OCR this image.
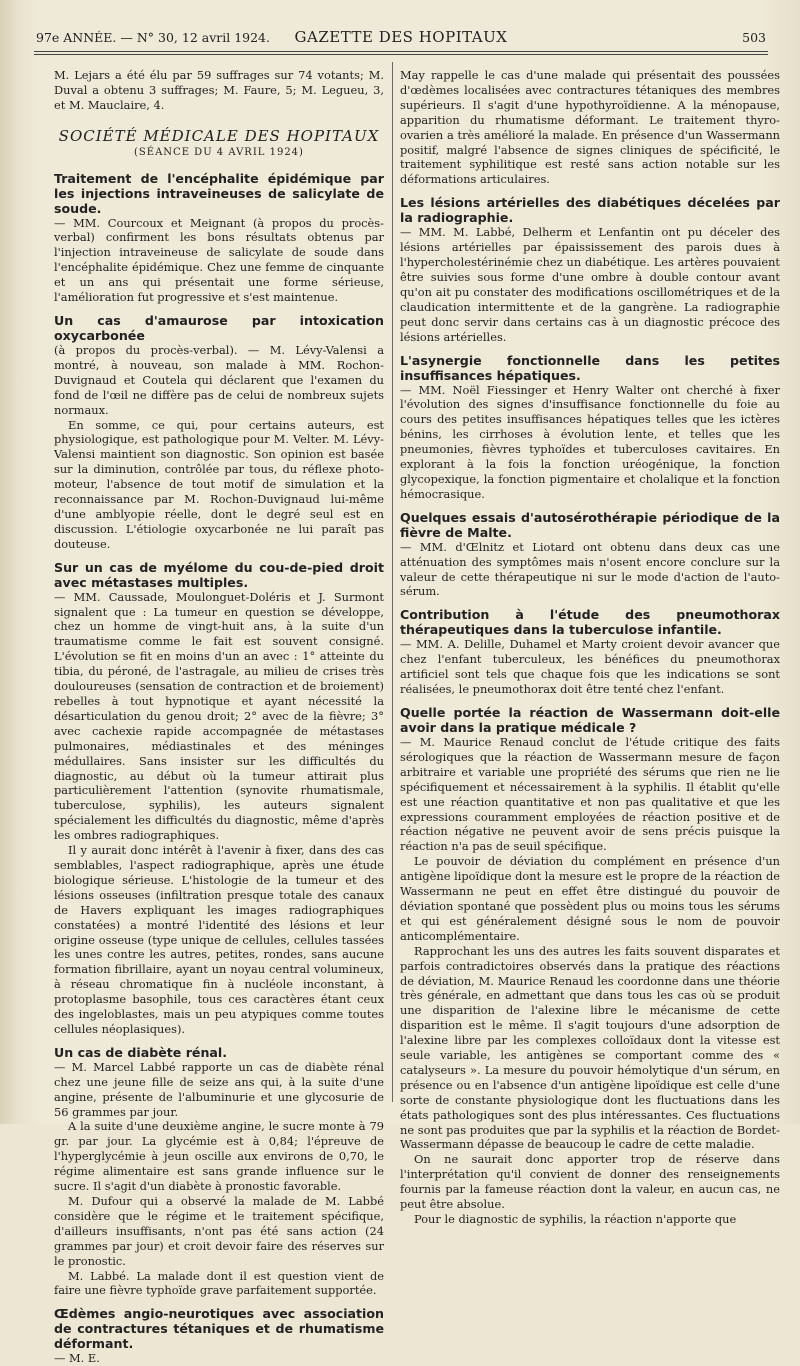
97e ANNÉE. — N° 30, 12 avril 1924.	GAZETTE DES HOPITAUX	503

M. Lejars a été élu par 59 suffrages sur 74 votants; M. Duval a obtenu 3 suffrages; M. Faure, 5; M. Legueu, 3, et M. Mauclaire, 4.

SOCIÉTÉ MÉDICALE DES HOPITAUX
(SÉANCE DU 4 AVRIL 1924)
Traitement de l'encéphalite épidémique par les injections intraveineuses de salicylate de soude.

— MM. Courcoux et Meignant (à propos du procès-verbal) confirment les bons résultats obtenus par l'injection intraveineuse de salicylate de soude dans l'encéphalite épidémique. Chez une femme de cinquante et un ans qui présentait une forme sérieuse, l'amélioration fut progressive et s'est maintenue.

Un cas d'amaurose par intoxication oxycarbonée

(à propos du procès-verbal). — M. Lévy-Valensi a montré, à nouveau, son malade à MM. Rochon-Duvignaud et Coutela qui déclarent que l'examen du fond de l'œil ne diffère pas de celui de nombreux sujets normaux.

En somme, ce qui, pour certains auteurs, est physiologique, est pathologique pour M. Velter. M. Lévy-Valensi maintient son diagnostic. Son opinion est basée sur la diminution, contrôlée par tous, du réflexe photo-moteur, l'absence de tout motif de simulation et la reconnaissance par M. Rochon-Duvignaud lui-même d'une amblyopie réelle, dont le degré seul est en discussion. L'étiologie oxycarbonée ne lui paraît pas douteuse.

Sur un cas de myélome du cou-de-pied droit avec métastases multiples.

— MM. Caussade, Moulonguet-Doléris et J. Surmont signalent que : La tumeur en question se développe, chez un homme de vingt-huit ans, à la suite d'un traumatisme comme le fait est souvent consigné. L'évolution se fit en moins d'un an avec : 1° atteinte du tibia, du péroné, de l'astragale, au milieu de crises très douloureuses (sensation de contraction et de broiement) rebelles à tout hypnotique et ayant nécessité la désarticulation du genou droit; 2° avec de la fièvre; 3° avec cachexie rapide accompagnée de métastases pulmonaires, médiastinales et des méninges médullaires. Sans insister sur les difficultés du diagnostic, au début où la tumeur attirait plus particulièrement l'attention (synovite rhumatismale, tuberculose, syphilis), les auteurs signalent spécialement les difficultés du diagnostic, même d'après les ombres radiographiques.

Il y aurait donc intérêt à l'avenir à fixer, dans des cas semblables, l'aspect radiographique, après une étude biologique sérieuse. L'histologie de la tumeur et des lésions osseuses (infiltration presque totale des canaux de Havers expliquant les images radiographiques constatées) a montré l'identité des lésions et leur origine osseuse (type unique de cellules, cellules tassées les unes contre les autres, petites, rondes, sans aucune formation fibrillaire, ayant un noyau central volumineux, à réseau chromatique fin à nucléole inconstant, à protoplasme basophile, tous ces caractères étant ceux des ingeloblastes, mais un peu atypiques comme toutes cellules néoplasiques).

Un cas de diabète rénal.

— M. Marcel Labbé rapporte un cas de diabète rénal chez une jeune fille de seize ans qui, à la suite d'une angine, présente de l'albuminurie et une glycosurie de 56 grammes par jour.

A la suite d'une deuxième angine, le sucre monte à 79 gr. par jour. La glycémie est à 0,84; l'épreuve de l'hyperglycémie à jeun oscille aux environs de 0,70, le régime alimentaire est sans grande influence sur le sucre. Il s'agit d'un diabète à pronostic favorable.

M. Dufour qui a observé la malade de M. Labbé considère que le régime et le traitement spécifique, d'ailleurs insuffisants, n'ont pas été sans action (24 grammes par jour) et croit devoir faire des réserves sur le pronostic.

M. Labbé. La malade dont il est question vient de faire une fièvre typhoïde grave parfaitement supportée.

Œdèmes angio-neurotiques avec association de contractures tétaniques et de rhumatisme déformant.

— M. E.

May rappelle le cas d'une malade qui présentait des poussées d'œdèmes localisées avec contractures tétaniques des membres supérieurs. Il s'agit d'une hypothyroïdienne. A la ménopause, apparition du rhumatisme déformant. Le traitement thyro-ovarien a très amélioré la malade. En présence d'un Wassermann positif, malgré l'absence de signes cliniques de spécificité, le traitement syphilitique est resté sans action notable sur les déformations articulaires.

Les lésions artérielles des diabétiques décelées par la radiographie.

— MM. M. Labbé, Delherm et Lenfantin ont pu déceler des lésions artérielles par épaississement des parois dues à l'hypercholestérinémie chez un diabétique. Les artères pouvaient être suivies sous forme d'une ombre à double contour avant qu'on ait pu constater des modifications oscillométriques et de la claudication intermittente et de la gangrène. La radiographie peut donc servir dans certains cas à un diagnostic précoce des lésions artérielles.

L'asynergie fonctionnelle dans les petites insuffisances hépatiques.

— MM. Noël Fiessinger et Henry Walter ont cherché à fixer l'évolution des signes d'insuffisance fonctionnelle du foie au cours des petites insuffisances hépatiques telles que les ictères bénins, les cirrhoses à évolution lente, et telles que les pneumonies, fièvres typhoïdes et tuberculoses cavitaires. En explorant à la fois la fonction uréogénique, la fonction glycopexique, la fonction pigmentaire et cholalique et la fonction hémocrasique.

Quelques essais d'autosérothérapie périodique de la fièvre de Malte.

— MM. d'Œlnitz et Liotard ont obtenu dans deux cas une atténuation des symptômes mais n'osent encore conclure sur la valeur de cette thérapeutique ni sur le mode d'action de l'auto-sérum.

Contribution à l'étude des pneumothorax thérapeutiques dans la tuberculose infantile.

— MM. A. Delille, Duhamel et Marty croient devoir avancer que chez l'enfant tuberculeux, les bénéfices du pneumothorax artificiel sont tels que chaque fois que les indications se sont réalisées, le pneumothorax doit être tenté chez l'enfant.

Quelle portée la réaction de Wassermann doit-elle avoir dans la pratique médicale ?

— M. Maurice Renaud conclut de l'étude critique des faits sérologiques que la réaction de Wassermann mesure de façon arbitraire et variable une propriété des sérums que rien ne lie spécifiquement et nécessairement à la syphilis. Il établit qu'elle est une réaction quantitative et non pas qualitative et que les expressions couramment employées de réaction positive et de réaction négative ne peuvent avoir de sens précis puisque la réaction n'a pas de seuil spécifique.

Le pouvoir de déviation du complément en présence d'un antigène lipoïdique dont la mesure est le propre de la réaction de Wassermann ne peut en effet être distingué du pouvoir de déviation spontané que possèdent plus ou moins tous les sérums et qui est généralement désigné sous le nom de pouvoir anticomplémentaire.

Rapprochant les uns des autres les faits souvent disparates et parfois contradictoires observés dans la pratique des réactions de déviation, M. Maurice Renaud les coordonne dans une théorie très générale, en admettant que dans tous les cas où se produit une disparition de l'alexine libre le mécanisme de cette disparition est le même. Il s'agit toujours d'une adsorption de l'alexine libre par les complexes colloïdaux dont la vitesse est seule variable, les antigènes se comportant comme des « catalyseurs ». La mesure du pouvoir hémolytique d'un sérum, en présence ou en l'absence d'un antigène lipoïdique est celle d'une sorte de constante physiologique dont les fluctuations dans les états pathologiques sont des plus intéressantes. Ces fluctuations ne sont pas produites que par la syphilis et la réaction de Bordet-Wassermann dépasse de beaucoup le cadre de cette maladie.

On ne saurait donc apporter trop de réserve dans l'interprétation qu'il convient de donner des renseignements fournis par la fameuse réaction dont la valeur, en aucun cas, ne peut être absolue.

Pour le diagnostic de syphilis, la réaction n'apporte que
